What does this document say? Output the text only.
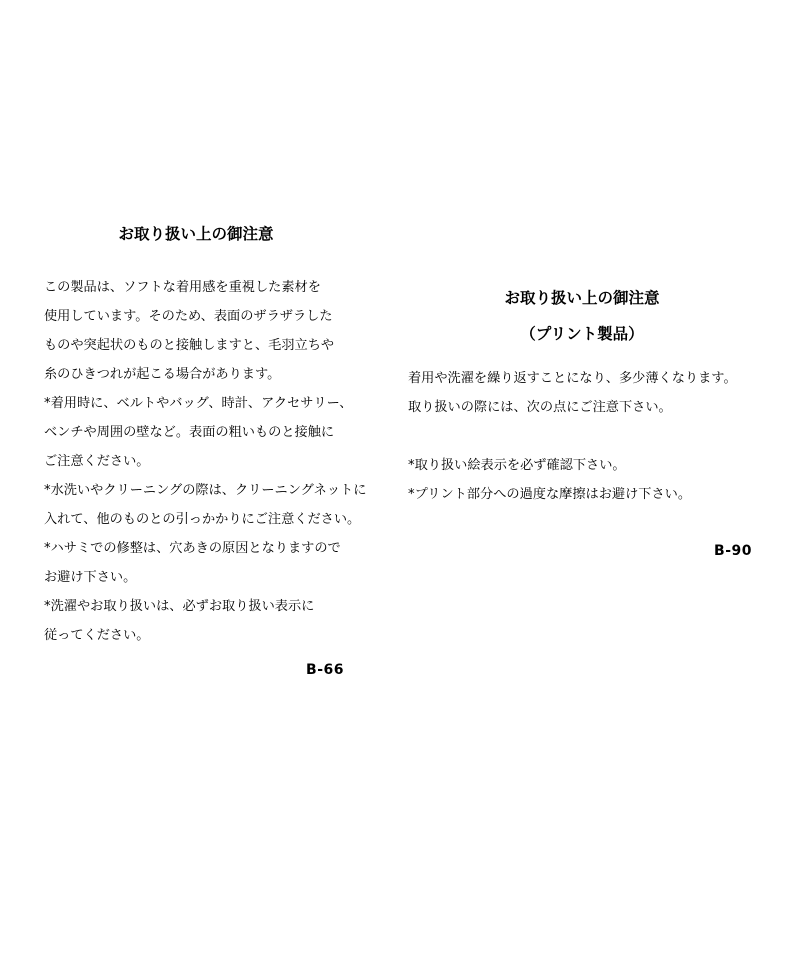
お取り扱い上の御注意
この製品は、ソフトな着用感を重視した素材を
使用しています。そのため、表面のザラザラした
ものや突起状のものと接触しますと、毛羽立ちや
糸のひきつれが起こる場合があります。
*着用時に、ベルトやバッグ、時計、アクセサリー、
ベンチや周囲の壁など。表面の粗いものと接触に
ご注意ください。
*水洗いやクリーニングの際は、クリーニングネットに
入れて、他のものとの引っかかりにご注意ください。
*ハサミでの修整は、穴あきの原因となりますので
お避け下さい。
*洗濯やお取り扱いは、必ずお取り扱い表示に
従ってください。
B-66
お取り扱い上の御注意
（プリント製品）
着用や洗濯を繰り返すことになり、多少薄くなります。
取り扱いの際には、次の点にご注意下さい。
*取り扱い絵表示を必ず確認下さい。
*プリント部分への過度な摩擦はお避け下さい。
B-90
